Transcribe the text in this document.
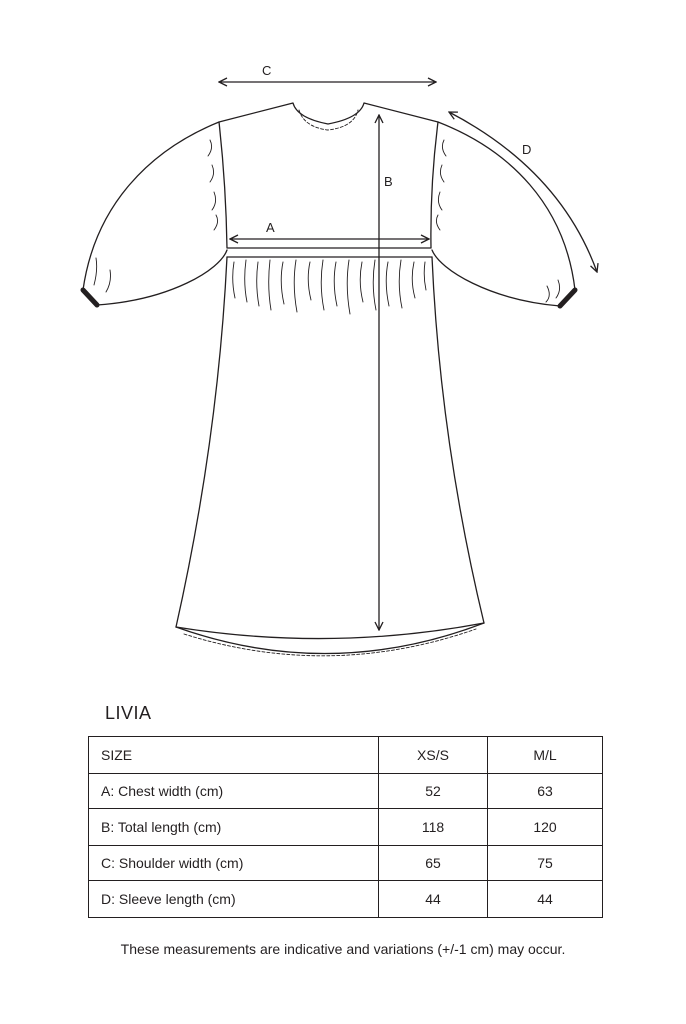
C
B
A
D
LIVIA
SIZE	XS/S	M/L
A: Chest width (cm)	52	63
B: Total length (cm)	118	120
C: Shoulder width (cm)	65	75
D: Sleeve length (cm)	44	44
These measurements are indicative and variations (+/-1 cm) may occur.
